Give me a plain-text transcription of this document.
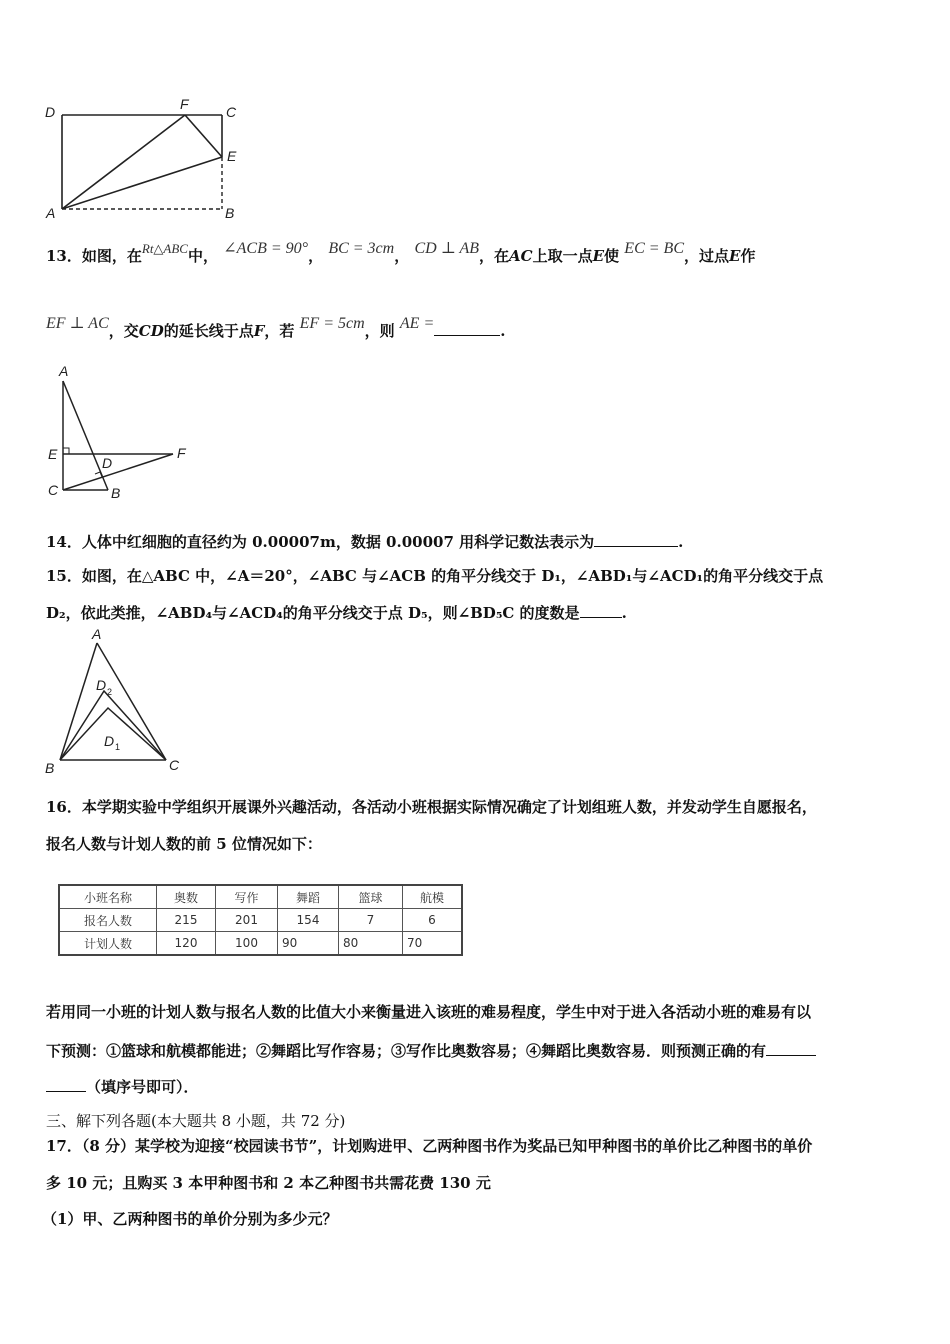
D	F	C
E
A	B
13．如图，在Rt△ABC中， ∠ACB = 90°， BC = 3cm， CD ⊥ AB，在AC上取一点E使 EC = BC，过点E作
EF ⊥ AC，交CD的延长线于点F，若 EF = 5cm，则 AE =	.
A
E
D
F
C	B
14．人体中红细胞的直径约为 0.00007m，数据 0.00007 用科学记数法表示为	.
15．如图，在△ABC 中，∠A＝20°，∠ABC 与∠ACB 的角平分线交于 D₁，∠ABD₁与∠ACD₁的角平分线交于点
D₂，依此类推，∠ABD₄与∠ACD₄的角平分线交于点 D₅，则∠BD₅C 的度数是	.
A
D 2
D 1
B	C
16．本学期实验中学组织开展课外兴趣活动，各活动小班根据实际情况确定了计划组班人数，并发动学生自愿报名，
报名人数与计划人数的前 5 位情况如下：
小班名称	奥数	写作	舞蹈	篮球	航模
报名人数	215	201	154	7	6
计划人数	120	100	90	80	70
若用同一小班的计划人数与报名人数的比值大小来衡量进入该班的难易程度，学生中对于进入各活动小班的难易有以
下预测：①篮球和航模都能进；②舞蹈比写作容易；③写作比奥数容易；④舞蹈比奥数容易．则预测正确的有
（填序号即可）．
三、解下列各题(本大题共 8 小题，共 72 分)
17．（8 分）某学校为迎接“校园读书节”，计划购进甲、乙两种图书作为奖品已知甲种图书的单价比乙种图书的单价
多 10 元；且购买 3 本甲种图书和 2 本乙种图书共需花费 130 元
（1）甲、乙两种图书的单价分别为多少元？
